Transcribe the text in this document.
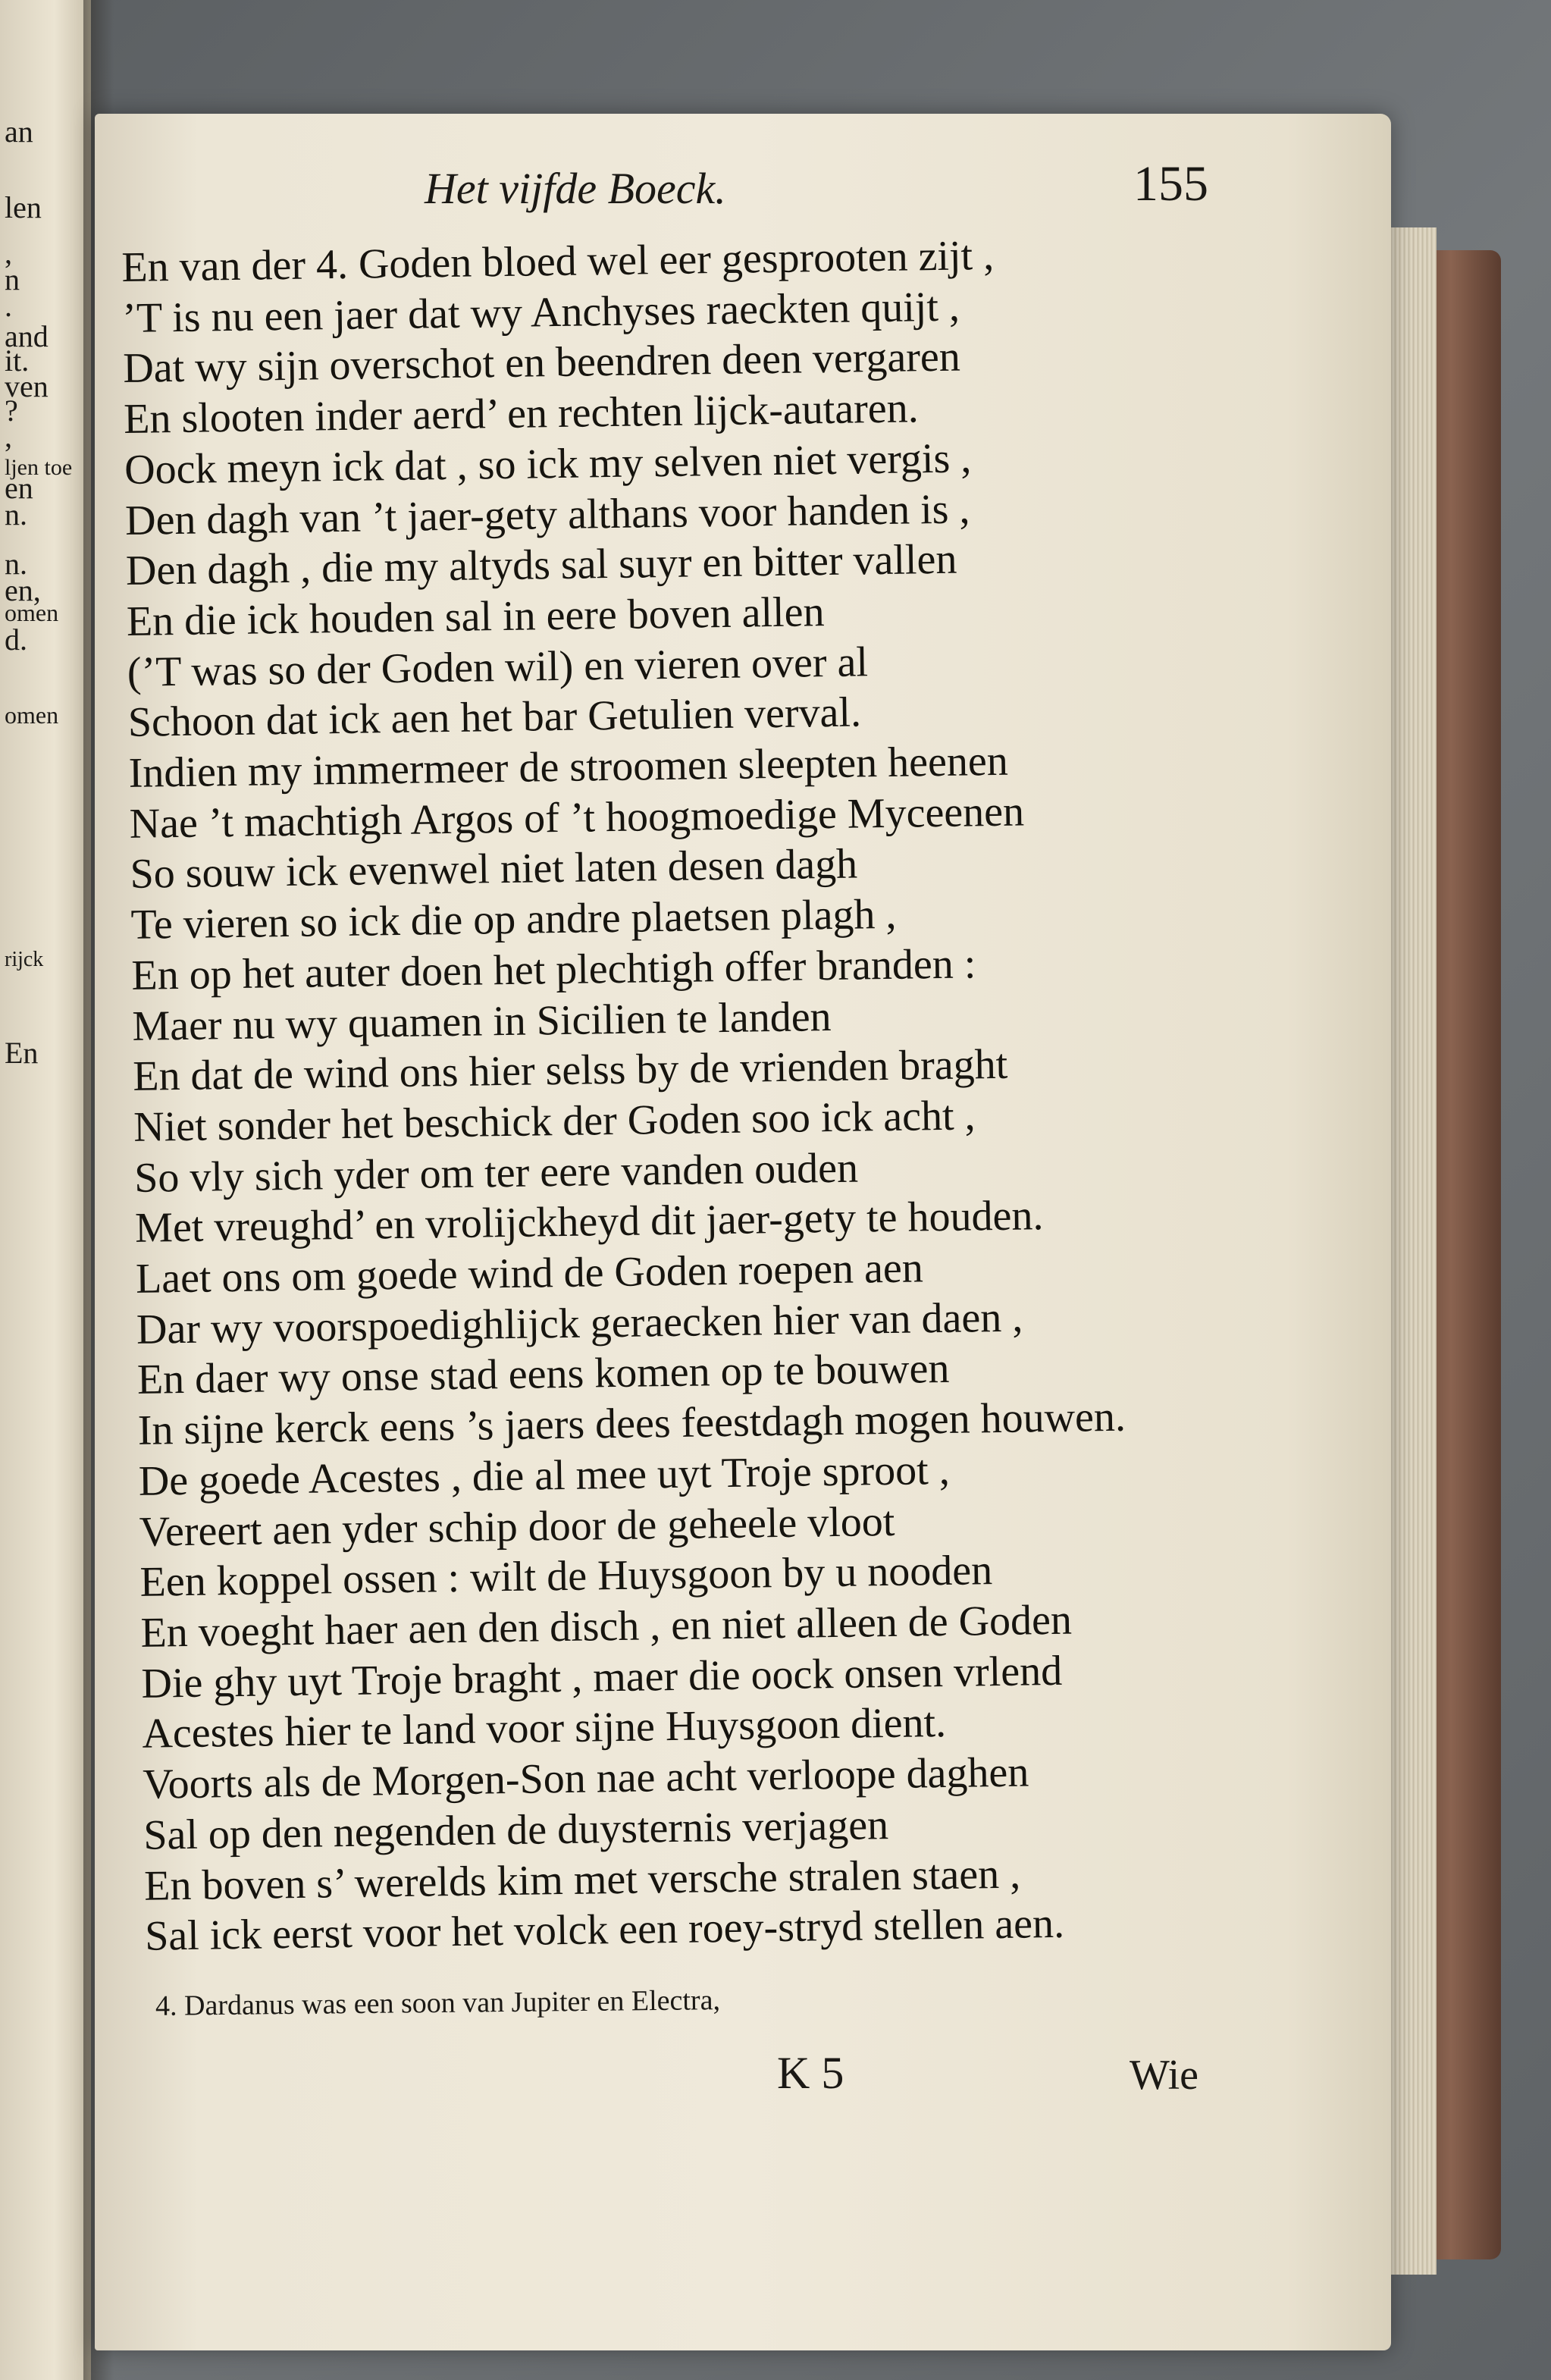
an
len
,
n
.
and
it.
ven
?
,
ljen toe
en
n.
n.
en,
omen
d.
omen
rijck
En
Het vijfde Boeck.	155
En van der 4. Goden bloed wel eer gesprooten zijt ,
’T is nu een jaer dat wy Anchyses raeckten quijt ,
Dat wy sijn overschot en beendren deen vergaren
En slooten inder aerd’ en rechten lijck-autaren.
Oock meyn ick dat , so ick my selven niet vergis ,
Den dagh van ’t jaer-gety althans voor handen is ,
Den dagh , die my altyds sal suyr en bitter vallen
En die ick houden sal in eere boven allen
(’T was so der Goden wil) en vieren over al
Schoon dat ick aen het bar Getulien verval.
Indien my immermeer de stroomen sleepten heenen
Nae ’t machtigh Argos of ’t hoogmoedige Myceenen
So souw ick evenwel niet laten desen dagh
Te vieren so ick die op andre plaetsen plagh ,
En op het auter doen het plechtigh offer branden :
Maer nu wy quamen in Sicilien te landen
En dat de wind ons hier selss by de vrienden braght
Niet sonder het beschick der Goden soo ick acht ,
So vly sich yder om ter eere vanden ouden
Met vreughd’ en vrolijckheyd dit jaer-gety te houden.
Laet ons om goede wind de Goden roepen aen
Dar wy voorspoedighlijck geraecken hier van daen ,
En daer wy onse stad eens komen op te bouwen
In sijne kerck eens ’s jaers dees feestdagh mogen houwen.
De goede Acestes , die al mee uyt Troje sproot ,
Vereert aen yder schip door de geheele vloot
Een koppel ossen : wilt de Huysgoon by u nooden
En voeght haer aen den disch , en niet alleen de Goden
Die ghy uyt Troje braght , maer die oock onsen vrlend
Acestes hier te land voor sijne Huysgoon dient.
Voorts als de Morgen-Son nae acht verloope daghen
Sal op den negenden de duysternis verjagen
En boven s’ werelds kim met versche stralen staen ,
Sal ick eerst voor het volck een roey-stryd stellen aen.
4. Dardanus was een soon van Jupiter en Electra,
K 5	Wie
